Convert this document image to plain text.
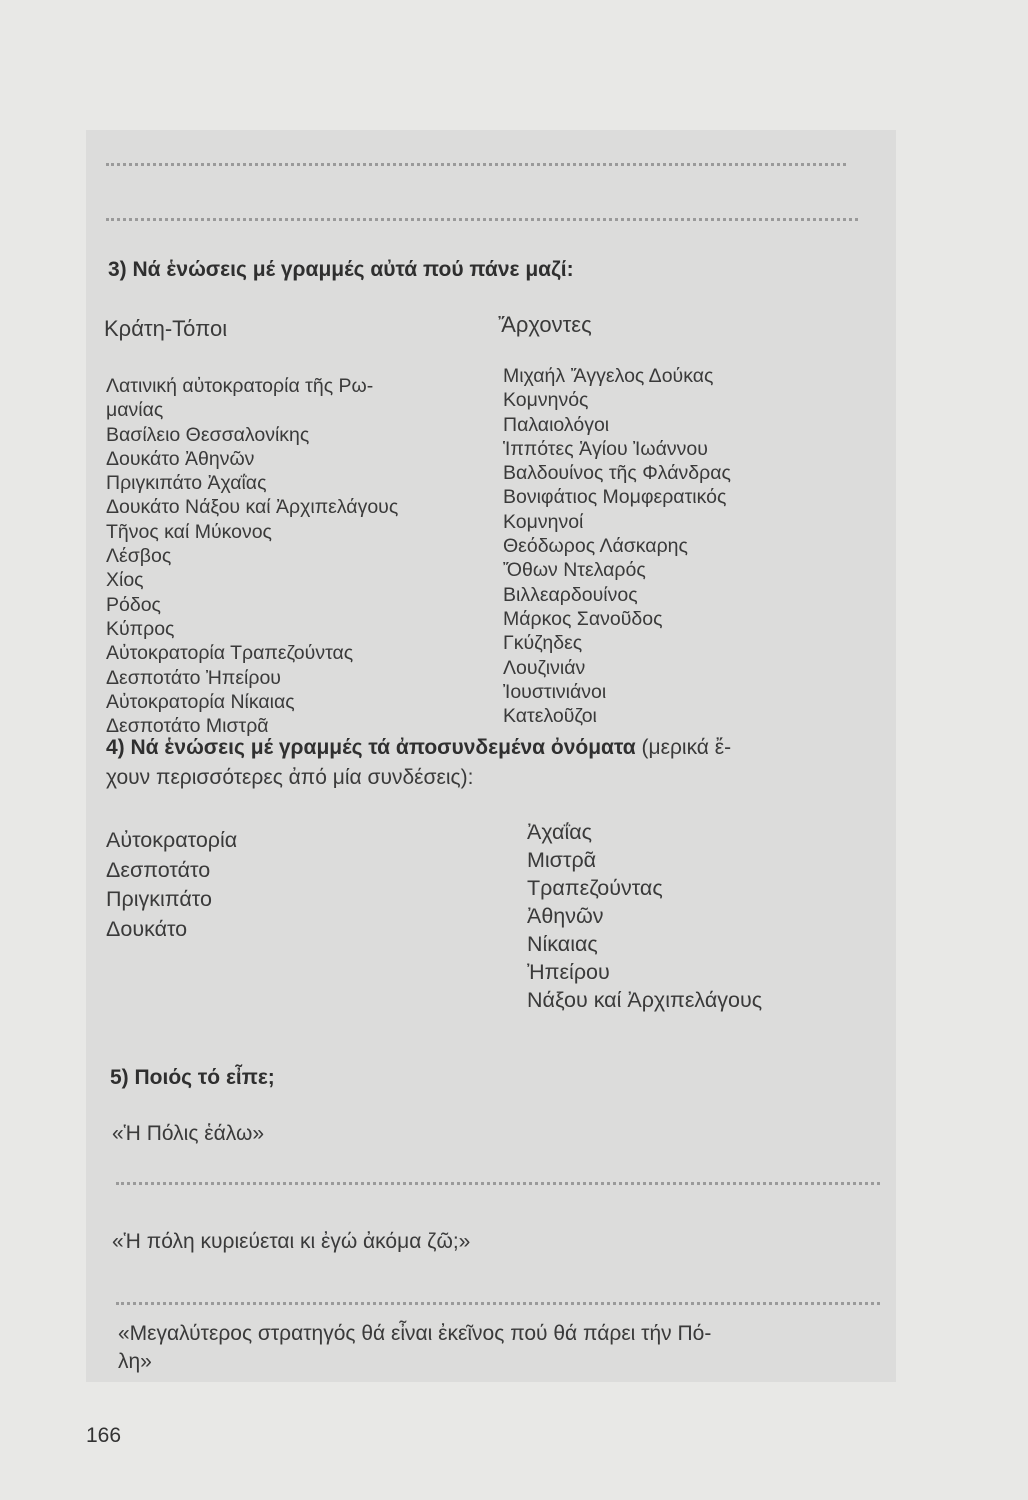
3) Νά ἑνώσεις μέ γραμμές αὐτά πού πάνε μαζί:
Κράτη-Τόποι	Ἄρχοντες
Λατινική αὐτοκρατορία τῆς Ρω-
μανίας
Βασίλειο Θεσσαλονίκης
Δουκάτο Ἀθηνῶν
Πριγκιπάτο Ἀχαΐας
Δουκάτο Νάξου καί Ἀρχιπελάγους
Τῆνος καί Μύκονος
Λέσβος
Χίος
Ρόδος
Κύπρος
Αὐτοκρατορία Τραπεζούντας
Δεσποτάτο Ἠπείρου
Αὐτοκρατορία Νίκαιας
Δεσποτάτο Μιστρᾶ
Μιχαήλ Ἄγγελος Δούκας
Κομνηνός
Παλαιολόγοι
Ἱππότες Ἁγίου Ἰωάννου
Βαλδουίνος τῆς Φλάνδρας
Βονιφάτιος Μομφερατικός
Κομνηνοί
Θεόδωρος Λάσκαρης
Ὄθων Ντελαρός
Βιλλεαρδουίνος
Μάρκος Σανοῦδος
Γκύζηδες
Λουζινιάν
Ἰουστινιάνοι
Κατελοῦζοι
4) Νά ἑνώσεις μέ γραμμές τά ἀποσυνδεμένα ὀνόματα (μερικά ἔ-
χουν περισσότερες ἀπό μία συνδέσεις):
Αὐτοκρατορία
Δεσποτάτο
Πριγκιπάτο
Δουκάτο
Ἀχαΐας
Μιστρᾶ
Τραπεζούντας
Ἀθηνῶν
Νίκαιας
Ἠπείρου
Νάξου καί Ἀρχιπελάγους
5) Ποιός τό εἶπε;
«Ἡ Πόλις ἑάλω»
«Ἡ πόλη κυριεύεται κι ἐγώ ἀκόμα ζῶ;»
«Μεγαλύτερος στρατηγός θά εἶναι ἐκεῖνος πού θά πάρει τήν Πό-
λη»
166
